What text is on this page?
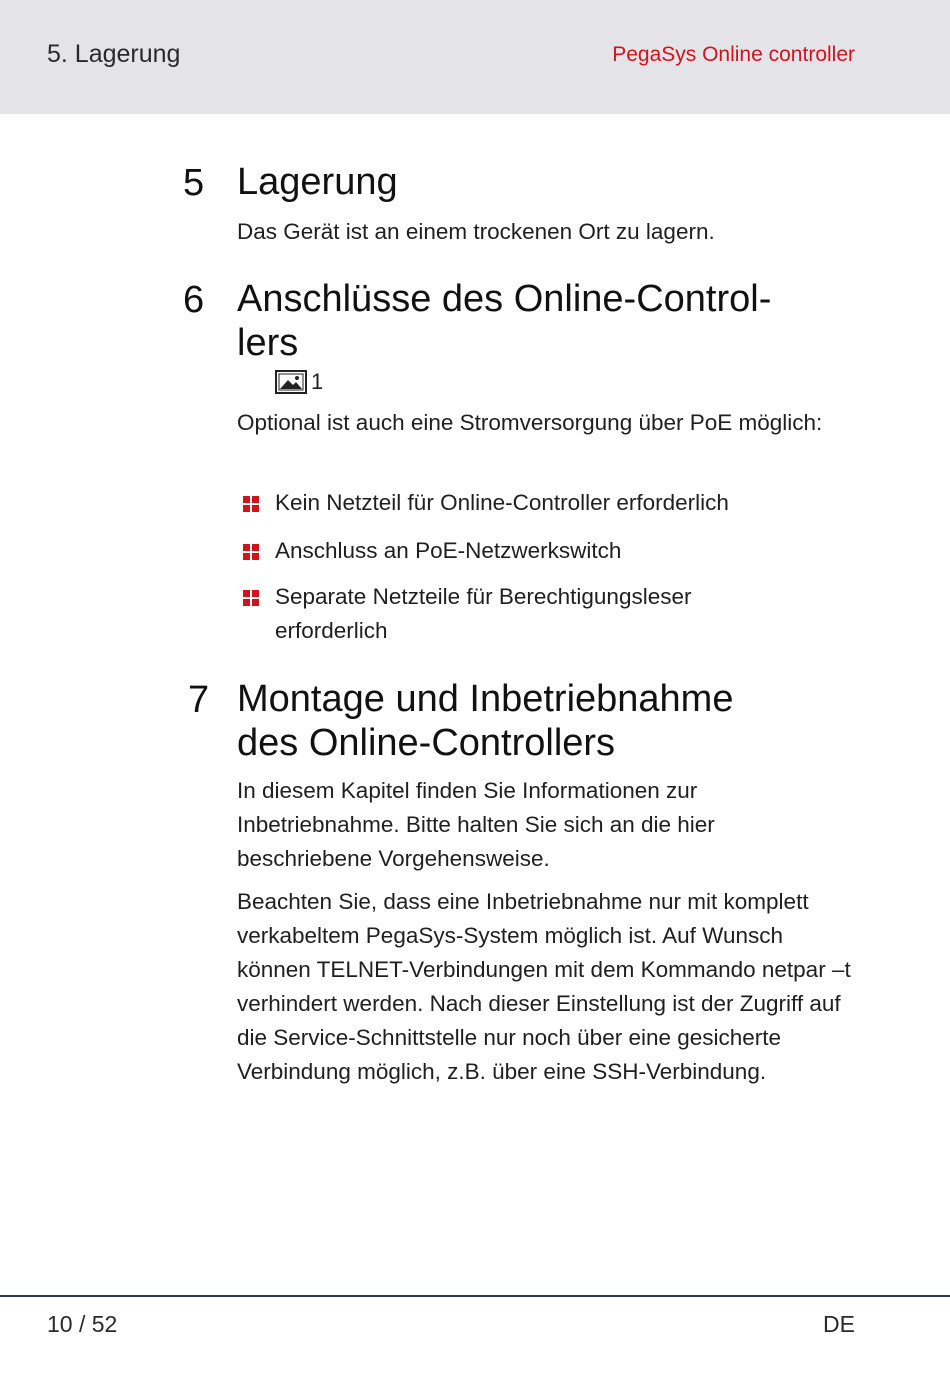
5. Lagerung	PegaSys Online controller
5 Lagerung
Das Gerät ist an einem trockenen Ort zu lagern.
6 Anschlüsse des Online-Control-
lers
1
Optional ist auch eine Stromversorgung über PoE möglich:
Kein Netzteil für Online-Controller erforderlich
Anschluss an PoE-Netzwerkswitch
Separate Netzteile für Berechtigungsleser erforderlich
7 Montage und Inbetriebnahme
des Online-Controllers
In diesem Kapitel finden Sie Informationen zur Inbetriebnahme. Bitte halten Sie sich an die hier beschriebene Vorgehensweise.
Beachten Sie, dass eine Inbetriebnahme nur mit komplett verkabeltem PegaSys-System möglich ist. Auf Wunsch können TELNET-Verbindungen mit dem Kommando netpar –t verhindert werden. Nach dieser Einstellung ist der Zugriff auf die Service-Schnittstelle nur noch über eine gesicherte Verbindung möglich, z.B. über eine SSH-Verbindung.
10 / 52	DE
